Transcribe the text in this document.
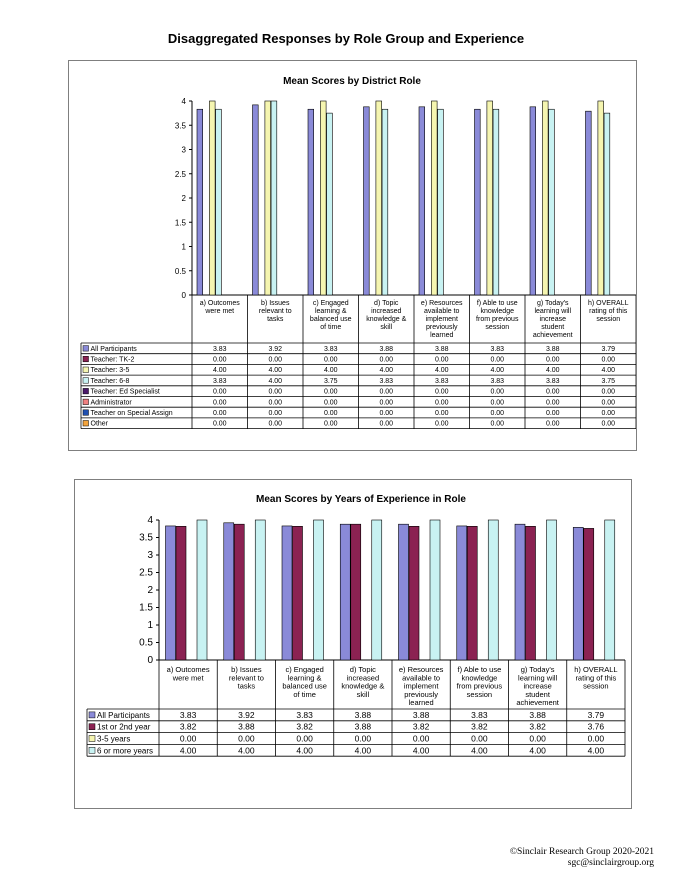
Disaggregated Responses by Role Group and Experience
Mean Scores by District Role
0
0.5
1
1.5
2
2.5
3
3.5
4
a) Outcomes
were met
b) Issues
relevant to
tasks
c) Engaged
learning &
balanced use
of time
d) Topic
increased
knowledge &
skill
e) Resources
available to
implement
previously
learned
f) Able to use
knowledge
from previous
session
g) Today's
learning will
increase
student
achievement
h) OVERALL
rating of this
session
All Participants	3.83	3.92	3.83	3.88	3.88	3.83	3.88	3.79
Teacher: TK-2	0.00	0.00	0.00	0.00	0.00	0.00	0.00	0.00
Teacher: 3-5	4.00	4.00	4.00	4.00	4.00	4.00	4.00	4.00
Teacher: 6-8	3.83	4.00	3.75	3.83	3.83	3.83	3.83	3.75
Teacher: Ed Specialist	0.00	0.00	0.00	0.00	0.00	0.00	0.00	0.00
Administrator	0.00	0.00	0.00	0.00	0.00	0.00	0.00	0.00
Teacher on Special Assign	0.00	0.00	0.00	0.00	0.00	0.00	0.00	0.00
Other	0.00	0.00	0.00	0.00	0.00	0.00	0.00	0.00
Mean Scores by Years of Experience in Role
0
0.5
1
1.5
2
2.5
3
3.5
4
a) Outcomes
were met
b) Issues
relevant to
tasks
c) Engaged
learning &
balanced use
of time
d) Topic
increased
knowledge &
skill
e) Resources
available to
implement
previously
learned
f) Able to use
knowledge
from previous
session
g) Today's
learning will
increase
student
achievement
h) OVERALL
rating of this
session
All Participants	3.83	3.92	3.83	3.88	3.88	3.83	3.88	3.79
1st or 2nd year	3.82	3.88	3.82	3.88	3.82	3.82	3.82	3.76
3-5 years	0.00	0.00	0.00	0.00	0.00	0.00	0.00	0.00
6 or more years	4.00	4.00	4.00	4.00	4.00	4.00	4.00	4.00
©Sinclair Research Group 2020-2021
sgc@sinclairgroup.org
